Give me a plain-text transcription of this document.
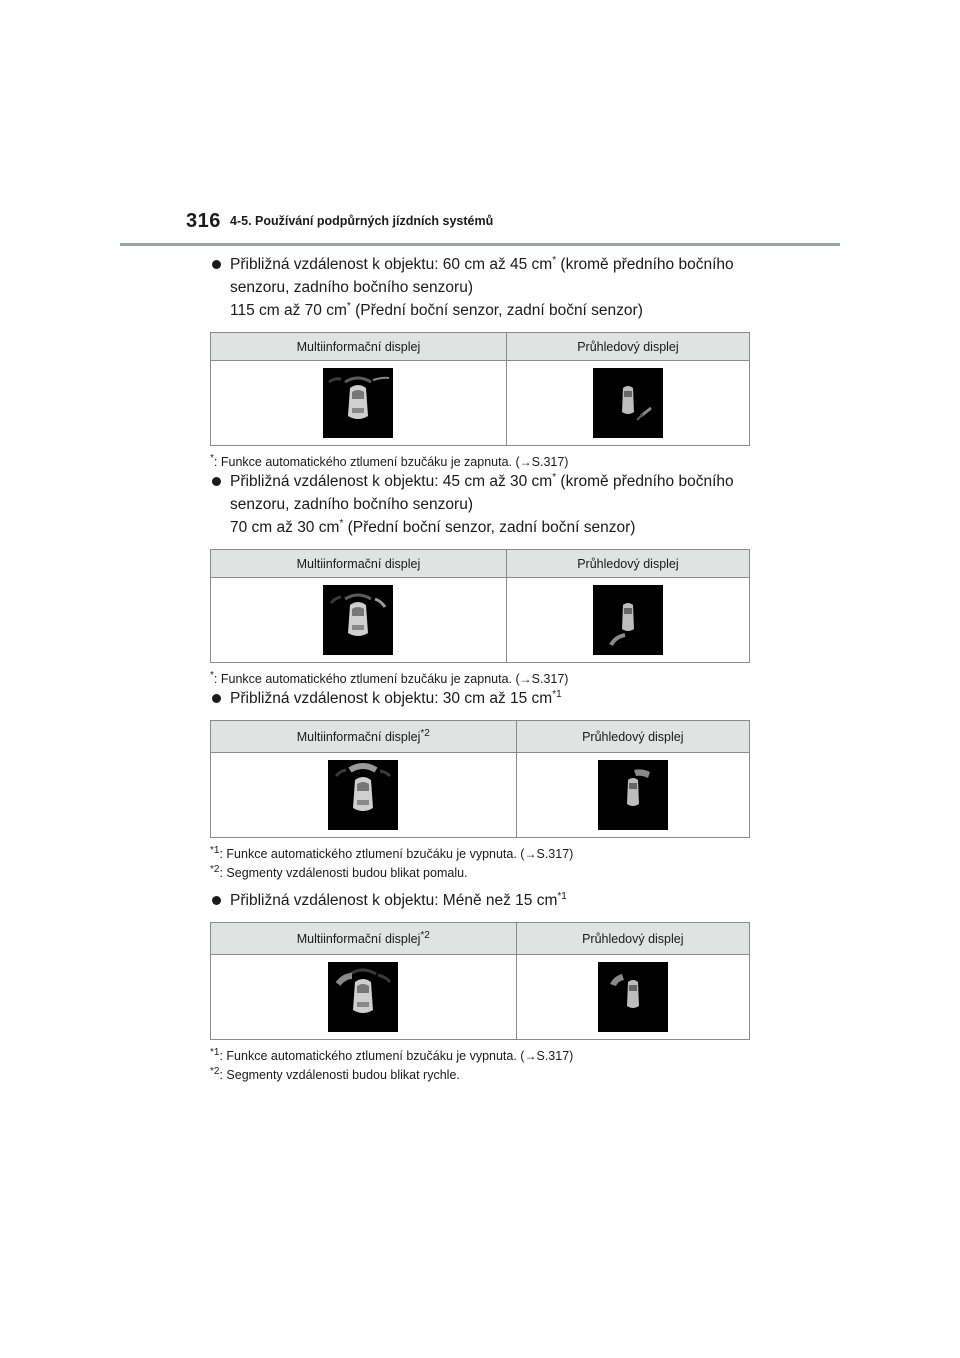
316 4-5. Používání podpůrných jízdních systémů

Přibližná vzdálenost k objektu: 60 cm až 45 cm* (kromě předního bočního

senzoru, zadního bočního senzoru)

115 cm až 70 cm* (Přední boční senzor, zadní boční senzor)

Multiinformační displej	Průhledový displej

*: Funkce automatického ztlumení bzučáku je zapnuta. (→S.317)

Přibližná vzdálenost k objektu: 45 cm až 30 cm* (kromě předního bočního

senzoru, zadního bočního senzoru)

70 cm až 30 cm* (Přední boční senzor, zadní boční senzor)

Multiinformační displej	Průhledový displej

*: Funkce automatického ztlumení bzučáku je zapnuta. (→S.317)

Přibližná vzdálenost k objektu: 30 cm až 15 $cm^{*1}$

Multiinformační displej$^{*2}$	Průhledový displej

$^{*1}$: Funkce automatického ztlumení bzučáku je vypnuta. (→S.317)

$^{*2}$: Segmenty vzdálenosti budou blikat pomalu.

Přibližná vzdálenost k objektu: Méně než 15 $cm^{*1}$

Multiinformační displej$^{*2}$	Průhledový displej

$^{*1}$: Funkce automatického ztlumení bzučáku je vypnuta. (→S.317)

$^{*2}$: Segmenty vzdálenosti budou blikat rychle.
